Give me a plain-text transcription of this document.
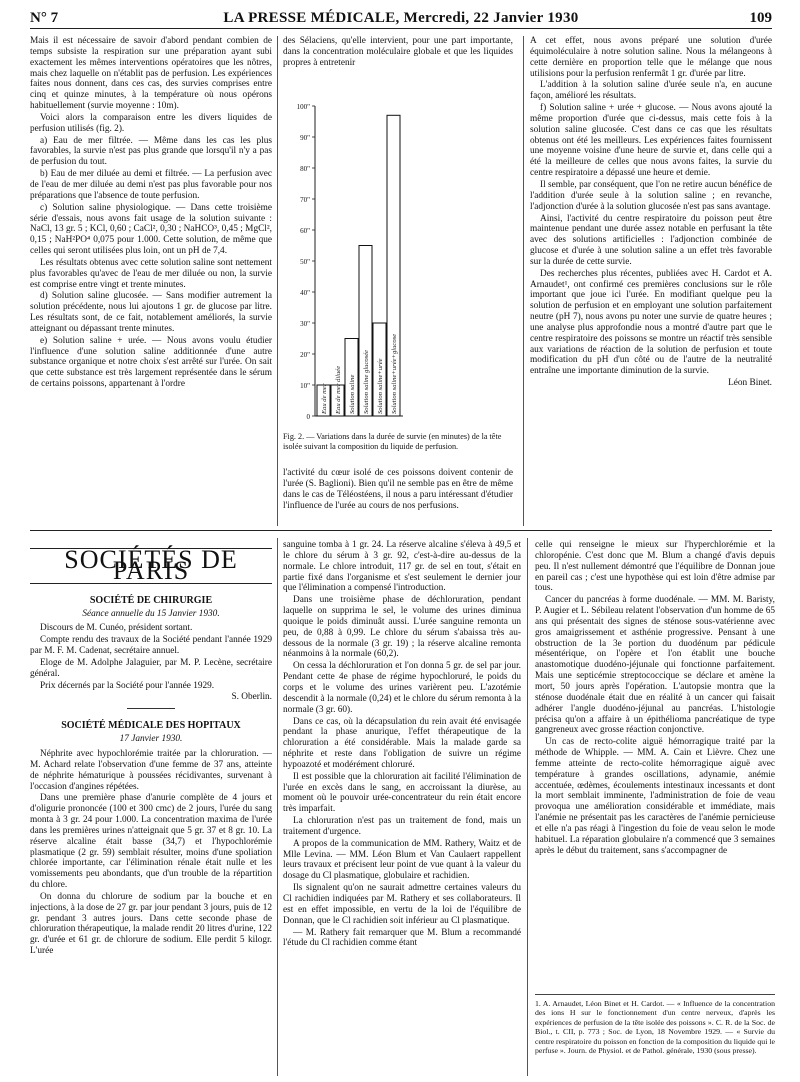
N° 7	LA PRESSE MÉDICALE, Mercredi, 22 Janvier 1930	109

Mais il est nécessaire de savoir d'abord pendant combien de temps subsiste la respiration sur une préparation ayant subi exactement les mêmes interventions opératoires que les nôtres, mais chez laquelle on n'établit pas de perfusion. Les expériences faites nous donnent, dans ces cas, des survies comprises entre cinq et quinze minutes, à la température où nous opérons habituellement (survie moyenne : 10m).

Voici alors la comparaison entre les divers liquides de perfusion utilisés (fig. 2).

a) Eau de mer filtrée. — Même dans les cas les plus favorables, la survie n'est pas plus grande que lorsqu'il n'y a pas de perfusion du tout.

b) Eau de mer diluée au demi et filtrée. — La perfusion avec de l'eau de mer diluée au demi n'est pas plus favorable pour nos préparations que l'absence de toute perfusion.

c) Solution saline physiologique. — Dans cette troisième série d'essais, nous avons fait usage de la solution suivante : NaCl, 13 gr. 5 ; KCl, 0,60 ; CaCl², 0,30 ; NaHCO³, 0,45 ; MgCl², 0,15 ; NaH²PO⁴ 0,075 pour 1.000. Cette solution, de même que celles qui seront utilisées plus loin, ont un pH de 7,4.

Les résultats obtenus avec cette solution saline sont nettement plus favorables qu'avec de l'eau de mer diluée ou non, la survie est comprise entre vingt et trente minutes.

d) Solution saline glucosée. — Sans modifier autrement la solution précédente, nous lui ajoutons 1 gr. de glucose par litre. Les résultats sont, de ce fait, notablement améliorés, la survie atteignant ou dépassant trente minutes.

e) Solution saline + urée. — Nous avons voulu étudier l'influence d'une solution saline additionnée d'une autre substance organique et notre choix s'est arrêté sur l'urée. On sait que cette substance est très largement représentée dans le sérum de certains poissons, appartenant à l'ordre

des Sélaciens, qu'elle intervient, pour une part importante, dans la concentration moléculaire globale et que les liquides propres à entretenir

0
10"
20"
30"
40"
50"
60"
70"
80"
90"
100"
Eau de mer Eau de mer diluée Solution saline Solution saline glucosée Solution saline+urée Solution saline+urée+glucose
Fig. 2. — Variations dans la durée de survie (en minutes) de la tête isolée suivant la composition du liquide de perfusion.

l'activité du cœur isolé de ces poissons doivent contenir de l'urée (S. Baglioni). Bien qu'il ne semble pas en être de même dans le cas de Téléostéens, il nous a paru intéressant d'étudier l'influence de l'urée au cours de nos perfusions.

A cet effet, nous avons préparé une solution d'urée équimoléculaire à notre solution saline. Nous la mélangeons à cette dernière en proportion telle que le mélange que nous utilisions pour la perfusion renfermât 1 gr. d'urée par litre.

L'addition à la solution saline d'urée seule n'a, en aucune façon, amélioré les résultats.

f) Solution saline + urée + glucose. — Nous avons ajouté la même proportion d'urée que ci-dessus, mais cette fois à la solution saline glucosée. C'est dans ce cas que les résultats obtenus ont été les meilleurs. Les expériences faites fournissent une moyenne voisine d'une heure de survie et, dans celle qui a été la meilleure de celles que nous avons faites, la survie du centre respiratoire a dépassé une heure et demie.

Il semble, par conséquent, que l'on ne retire aucun bénéfice de l'addition d'urée seule à la solution saline ; en revanche, l'adjonction d'urée à la solution glucosée n'est pas sans avantage.

Ainsi, l'activité du centre respiratoire du poisson peut être maintenue pendant une durée assez notable en perfusant la tête avec des solutions artificielles : l'adjonction combinée de glucose et d'urée à une solution saline a un effet très favorable sur la durée de cette survie.

Des recherches plus récentes, publiées avec H. Cardot et A. Arnaudet¹, ont confirmé ces premières conclusions sur le rôle important que joue ici l'urée. En modifiant quelque peu la solution de perfusion et en employant une solution parfaitement neutre (pH 7), nous avons pu noter une survie de quatre heures ; une analyse plus approfondie nous a montré d'autre part que le centre respiratoire des poissons se montre un réactif très sensible aux variations de réaction de la solution de perfusion et toute modification du pH d'un côté ou de l'autre de la neutralité entraîne une importante diminution de la survie.

Léon Binet.

SOCIÉTÉS DE PARIS
SOCIÉTÉ DE CHIRURGIE
Séance annuelle du 15 Janvier 1930.

Discours de M. Cunéo, président sortant.

Compte rendu des travaux de la Société pendant l'année 1929 par M. F. M. Cadenat, secrétaire annuel.

Eloge de M. Adolphe Jalaguier, par M. P. Lecène, secrétaire général.

Prix décernés par la Société pour l'année 1929.

S. Oberlin.

SOCIÉTÉ MÉDICALE DES HOPITAUX
17 Janvier 1930.

Néphrite avec hypochlorémie traitée par la chloruration. — M. Achard relate l'observation d'une femme de 37 ans, atteinte de néphrite hématurique à poussées récidivantes, survenant à l'occasion d'angines répétées.

Dans une première phase d'anurie complète de 4 jours et d'oligurie prononcée (100 et 300 cmc) de 2 jours, l'urée du sang monta à 3 gr. 24 pour 1.000. La concentration maxima de l'urée dans les premières urines n'atteignait que 5 gr. 37 et 8 gr. 10. La réserve alcaline était basse (34,7) et l'hypochlorémie plasmatique (2 gr. 59) semblait résulter, moins d'une spoliation chlorée importante, car l'élimination rénale était nulle et les vomissements peu abondants, que d'un trouble de la répartition du chlore.

On donna du chlorure de sodium par la bouche et en injections, à la dose de 27 gr. par jour pendant 3 jours, puis de 12 gr. pendant 3 autres jours. Dans cette seconde phase de chloruration thérapeutique, la malade rendit 20 litres d'urine, 122 gr. d'urée et 61 gr. de chlorure de sodium. Elle perdit 5 kilogr. L'urée

sanguine tomba à 1 gr. 24. La réserve alcaline s'éleva à 49,5 et le chlore du sérum à 3 gr. 92, c'est-à-dire au-dessus de la normale. Le chlore introduit, 117 gr. de sel en tout, s'était en partie fixé dans l'organisme et s'est seulement le dernier jour que l'élimination a compensé l'introduction.

Dans une troisième phase de déchloruration, pendant laquelle on supprima le sel, le volume des urines diminua quoique le poids diminuât aussi. L'urée sanguine remonta un peu, de 0,88 à 0,99. Le chlore du sérum s'abaissa très au-dessous de la normale (3 gr. 19) ; la réserve alcaline remonta néanmoins à la normale (60,2).

On cessa la déchloruration et l'on donna 5 gr. de sel par jour. Pendant cette 4e phase de régime hypochloruré, le poids du corps et le volume des urines varièrent peu. L'azotémie descendit à la normale (0,24) et le chlore du sérum remonta à la normale (3 gr. 60).

Dans ce cas, où la décapsulation du rein avait été envisagée pendant la phase anurique, l'effet thérapeutique de la chloruration a été considérable. Mais la malade garde sa néphrite et reste dans l'obligation de suivre un régime hypoazoté et modérément chloruré.

Il est possible que la chloruration ait facilité l'élimination de l'urée en excès dans le sang, en accroissant la diurèse, au moment où le pouvoir urée-concentrateur du rein était encore très imparfait.

La chloruration n'est pas un traitement de fond, mais un traitement d'urgence.

A propos de la communication de MM. Rathery, Waitz et de Mlle Levina. — MM. Léon Blum et Van Caulaert rappellent leurs travaux et précisent leur point de vue quant à la valeur du dosage du Cl plasmatique, globulaire et rachidien.

Ils signalent qu'on ne saurait admettre certaines valeurs du Cl rachidien indiquées par M. Rathery et ses collaborateurs. Il est en effet impossible, en vertu de la loi de l'équilibre de Donnan, que le Cl rachidien soit inférieur au Cl plasmatique.

— M. Rathery fait remarquer que M. Blum a recommandé l'étude du Cl rachidien comme étant

celle qui renseigne le mieux sur l'hyperchlorémie et la chloropénie. C'est donc que M. Blum a changé d'avis depuis peu. Il n'est nullement démontré que l'équilibre de Donnan joue en pareil cas ; c'est une hypothèse qui est loin d'être admise par tous.

Cancer du pancréas à forme duodénale. — MM. M. Baristy, P. Augier et L. Sébileau relatent l'observation d'un homme de 65 ans qui présentait des signes de sténose sous-vatérienne avec gros amaigrissement et asthénie progressive. Pensant à une obstruction de la 3e portion du duodénum par pédicule mésentérique, on l'opère et l'on établit une bouche anastomotique duodéno-jéjunale qui fonctionne parfaitement. Mais une septicémie streptococcique se déclare et amène la mort, 50 jours après l'opération. L'autopsie montra que la sténose duodénale était due en réalité à un cancer qui faisait adhérer l'angle duodéno-jéjunal au pancréas. L'histologie précisa qu'on a affaire à un épithélioma pancréatique de type gangreneux avec grosse réaction conjonctive.

Un cas de recto-colite aiguë hémorragique traité par la méthode de Whipple. — MM. A. Cain et Lièvre. Chez une femme atteinte de recto-colite hémorragique aiguë avec température à grandes oscillations, adynamie, anémie accentuée, œdèmes, écoulements intestinaux incessants et dont la mort semblait imminente, l'administration de foie de veau provoqua une amélioration considérable et immédiate, mais l'anémie ne présentait pas les caractères de l'anémie pernicieuse et elle n'a pas réagi à l'ingestion du foie de veau selon le mode habituel. La réparation globulaire n'a commencé que 3 semaines après le début du traitement, sans s'accompagner de

1. A. Arnaudet, Léon Binet et H. Cardot. — « Influence de la concentration des ions H sur le fonctionnement d'un centre nerveux, d'après les expériences de perfusion de la tête isolée des poissons ». C. R. de la Soc. de Biol., t. CII, p. 773 ; Soc. de Lyon, 18 Novembre 1929. — « Survie du centre respiratoire du poisson en fonction de la composition du liquide qui le perfuse ». Journ. de Physiol. et de Pathol. générale, 1930 (sous presse).
